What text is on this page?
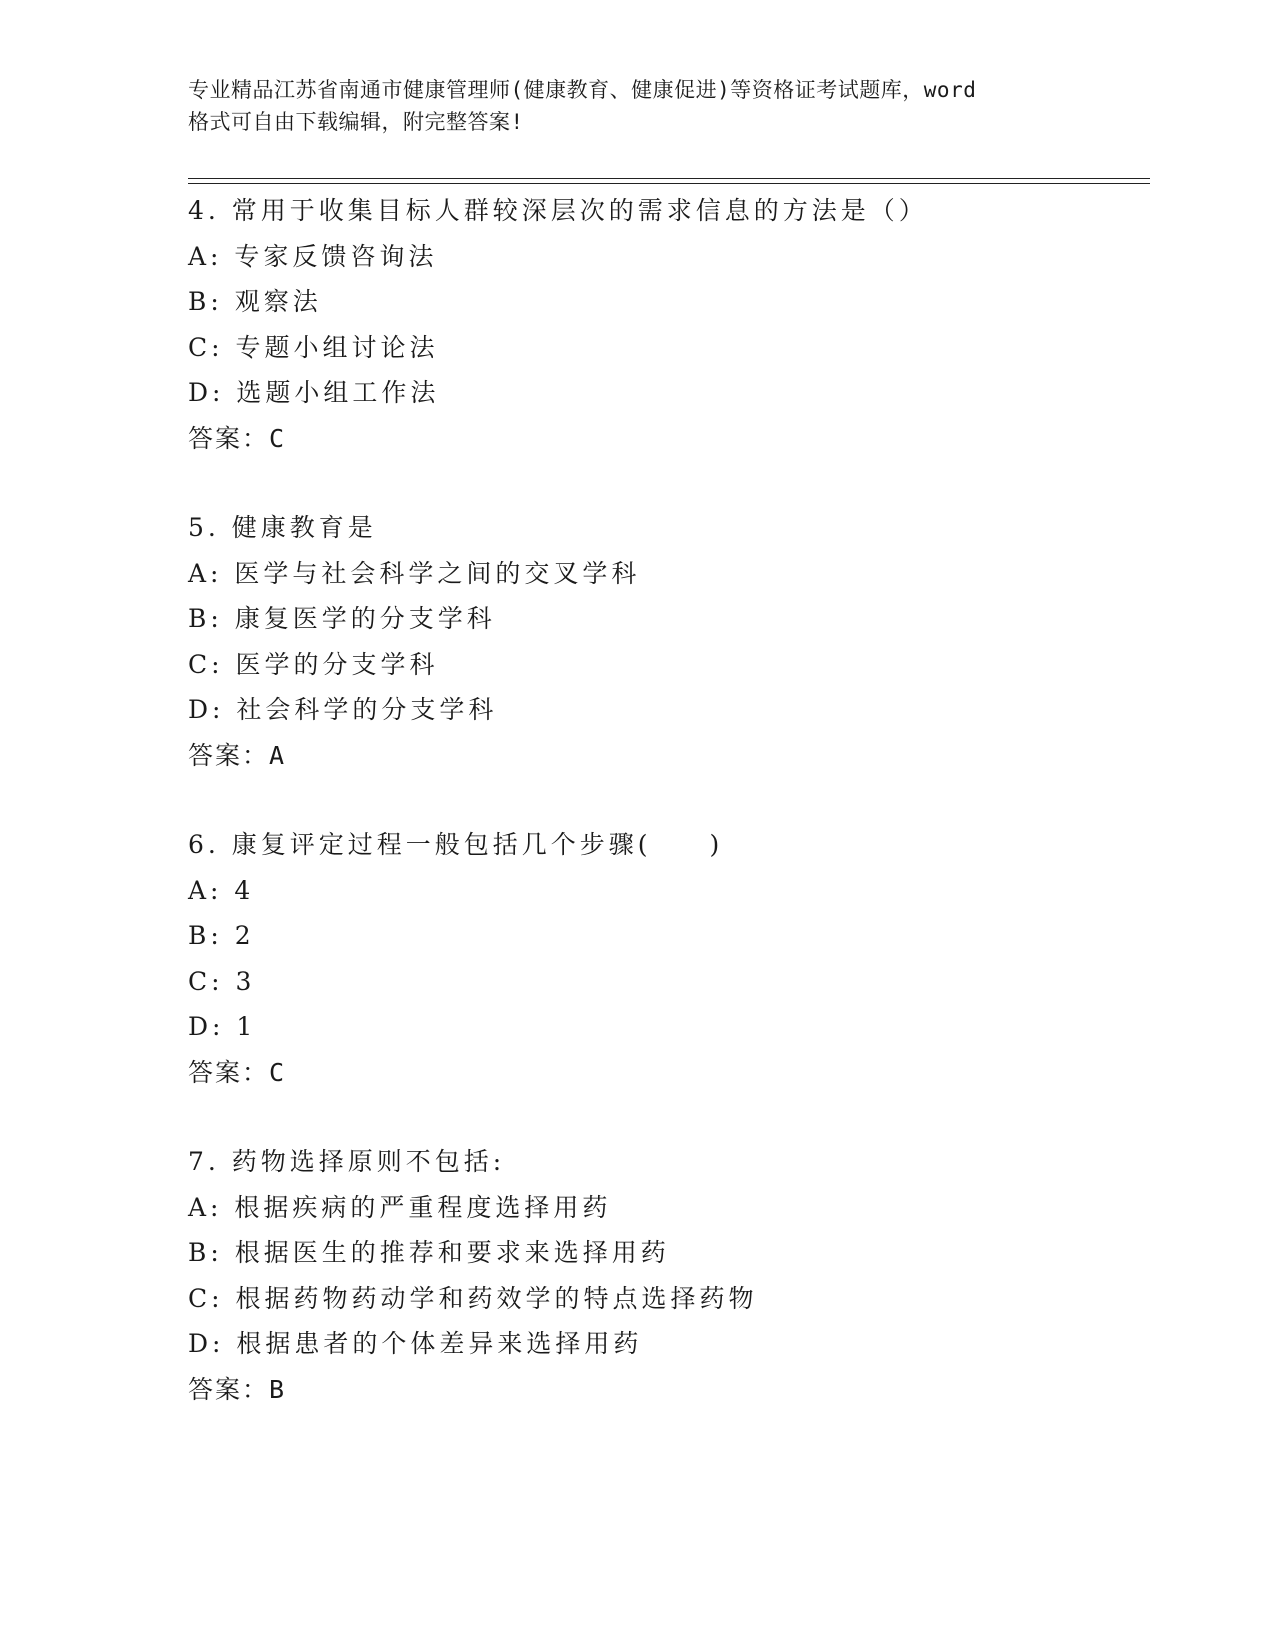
专业精品江苏省南通市健康管理师(健康教育、健康促进)等资格证考试题库，word
格式可自由下载编辑，附完整答案!
4. 常用于收集目标人群较深层次的需求信息的方法是（）
A: 专家反馈咨询法
B: 观察法
C: 专题小组讨论法
D: 选题小组工作法
答案：C
5. 健康教育是
A: 医学与社会科学之间的交叉学科
B: 康复医学的分支学科
C: 医学的分支学科
D: 社会科学的分支学科
答案：A
6. 康复评定过程一般包括几个步骤(　　)
A: 4
B: 2
C: 3
D: 1
答案：C
7. 药物选择原则不包括:
A: 根据疾病的严重程度选择用药
B: 根据医生的推荐和要求来选择用药
C: 根据药物药动学和药效学的特点选择药物
D: 根据患者的个体差异来选择用药
答案：B
